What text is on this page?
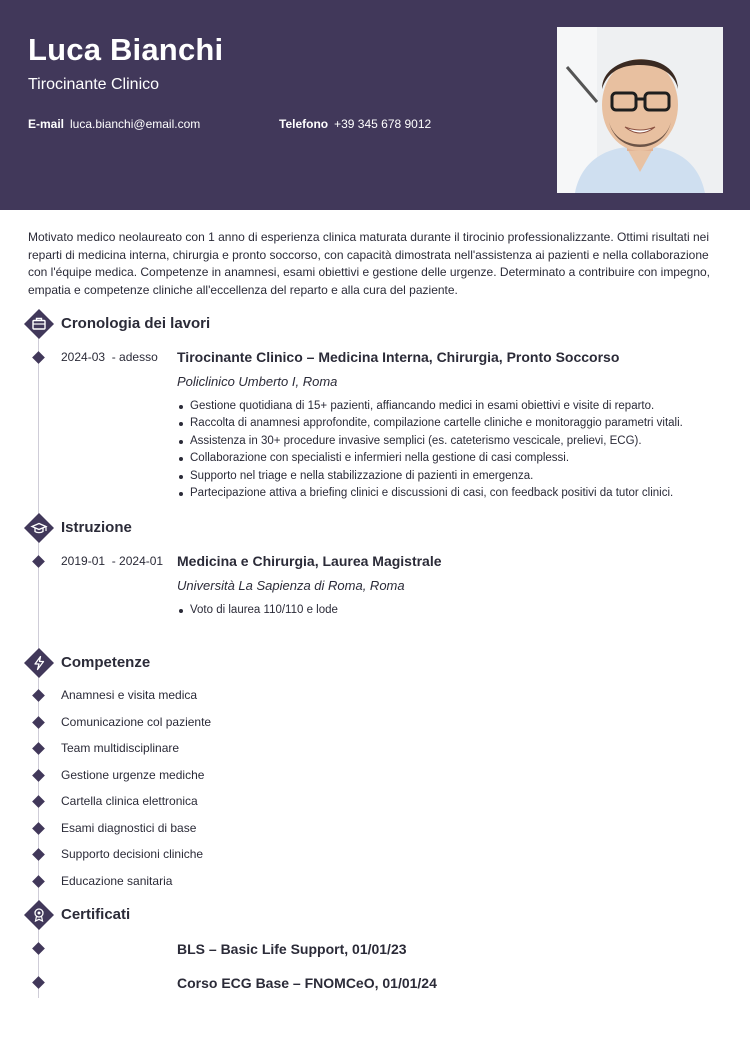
Luca Bianchi
Tirocinante Clinico
E-mail luca.bianchi@email.com	Telefono +39 345 678 9012
Motivato medico neolaureato con 1 anno di esperienza clinica maturata durante il tirocinio professionalizzante. Ottimi risultati nei reparti di medicina interna, chirurgia e pronto soccorso, con capacità dimostrata nell'assistenza ai pazienti e nella collaborazione con l'équipe medica. Competenze in anamnesi, esami obiettivi e gestione delle urgenze. Determinato a contribuire con impegno, empatia e competenze cliniche all'eccellenza del reparto e alla cura del paziente.
Cronologia dei lavori
2024-03 - adesso Tirocinante Clinico – Medicina Interna, Chirurgia, Pronto Soccorso
Policlinico Umberto I, Roma
Gestione quotidiana di 15+ pazienti, affiancando medici in esami obiettivi e visite di reparto.
Raccolta di anamnesi approfondite, compilazione cartelle cliniche e monitoraggio parametri vitali.
Assistenza in 30+ procedure invasive semplici (es. cateterismo vescicale, prelievi, ECG).
Collaborazione con specialisti e infermieri nella gestione di casi complessi.
Supporto nel triage e nella stabilizzazione di pazienti in emergenza.
Partecipazione attiva a briefing clinici e discussioni di casi, con feedback positivi da tutor clinici.
Istruzione
2019-01 - 2024-01 Medicina e Chirurgia, Laurea Magistrale
Università La Sapienza di Roma, Roma
Voto di laurea 110/110 e lode
Competenze
Anamnesi e visita medica
Comunicazione col paziente
Team multidisciplinare
Gestione urgenze mediche
Cartella clinica elettronica
Esami diagnostici di base
Supporto decisioni cliniche
Educazione sanitaria
Certificati
BLS – Basic Life Support, 01/01/23
Corso ECG Base – FNOMCeO, 01/01/24
